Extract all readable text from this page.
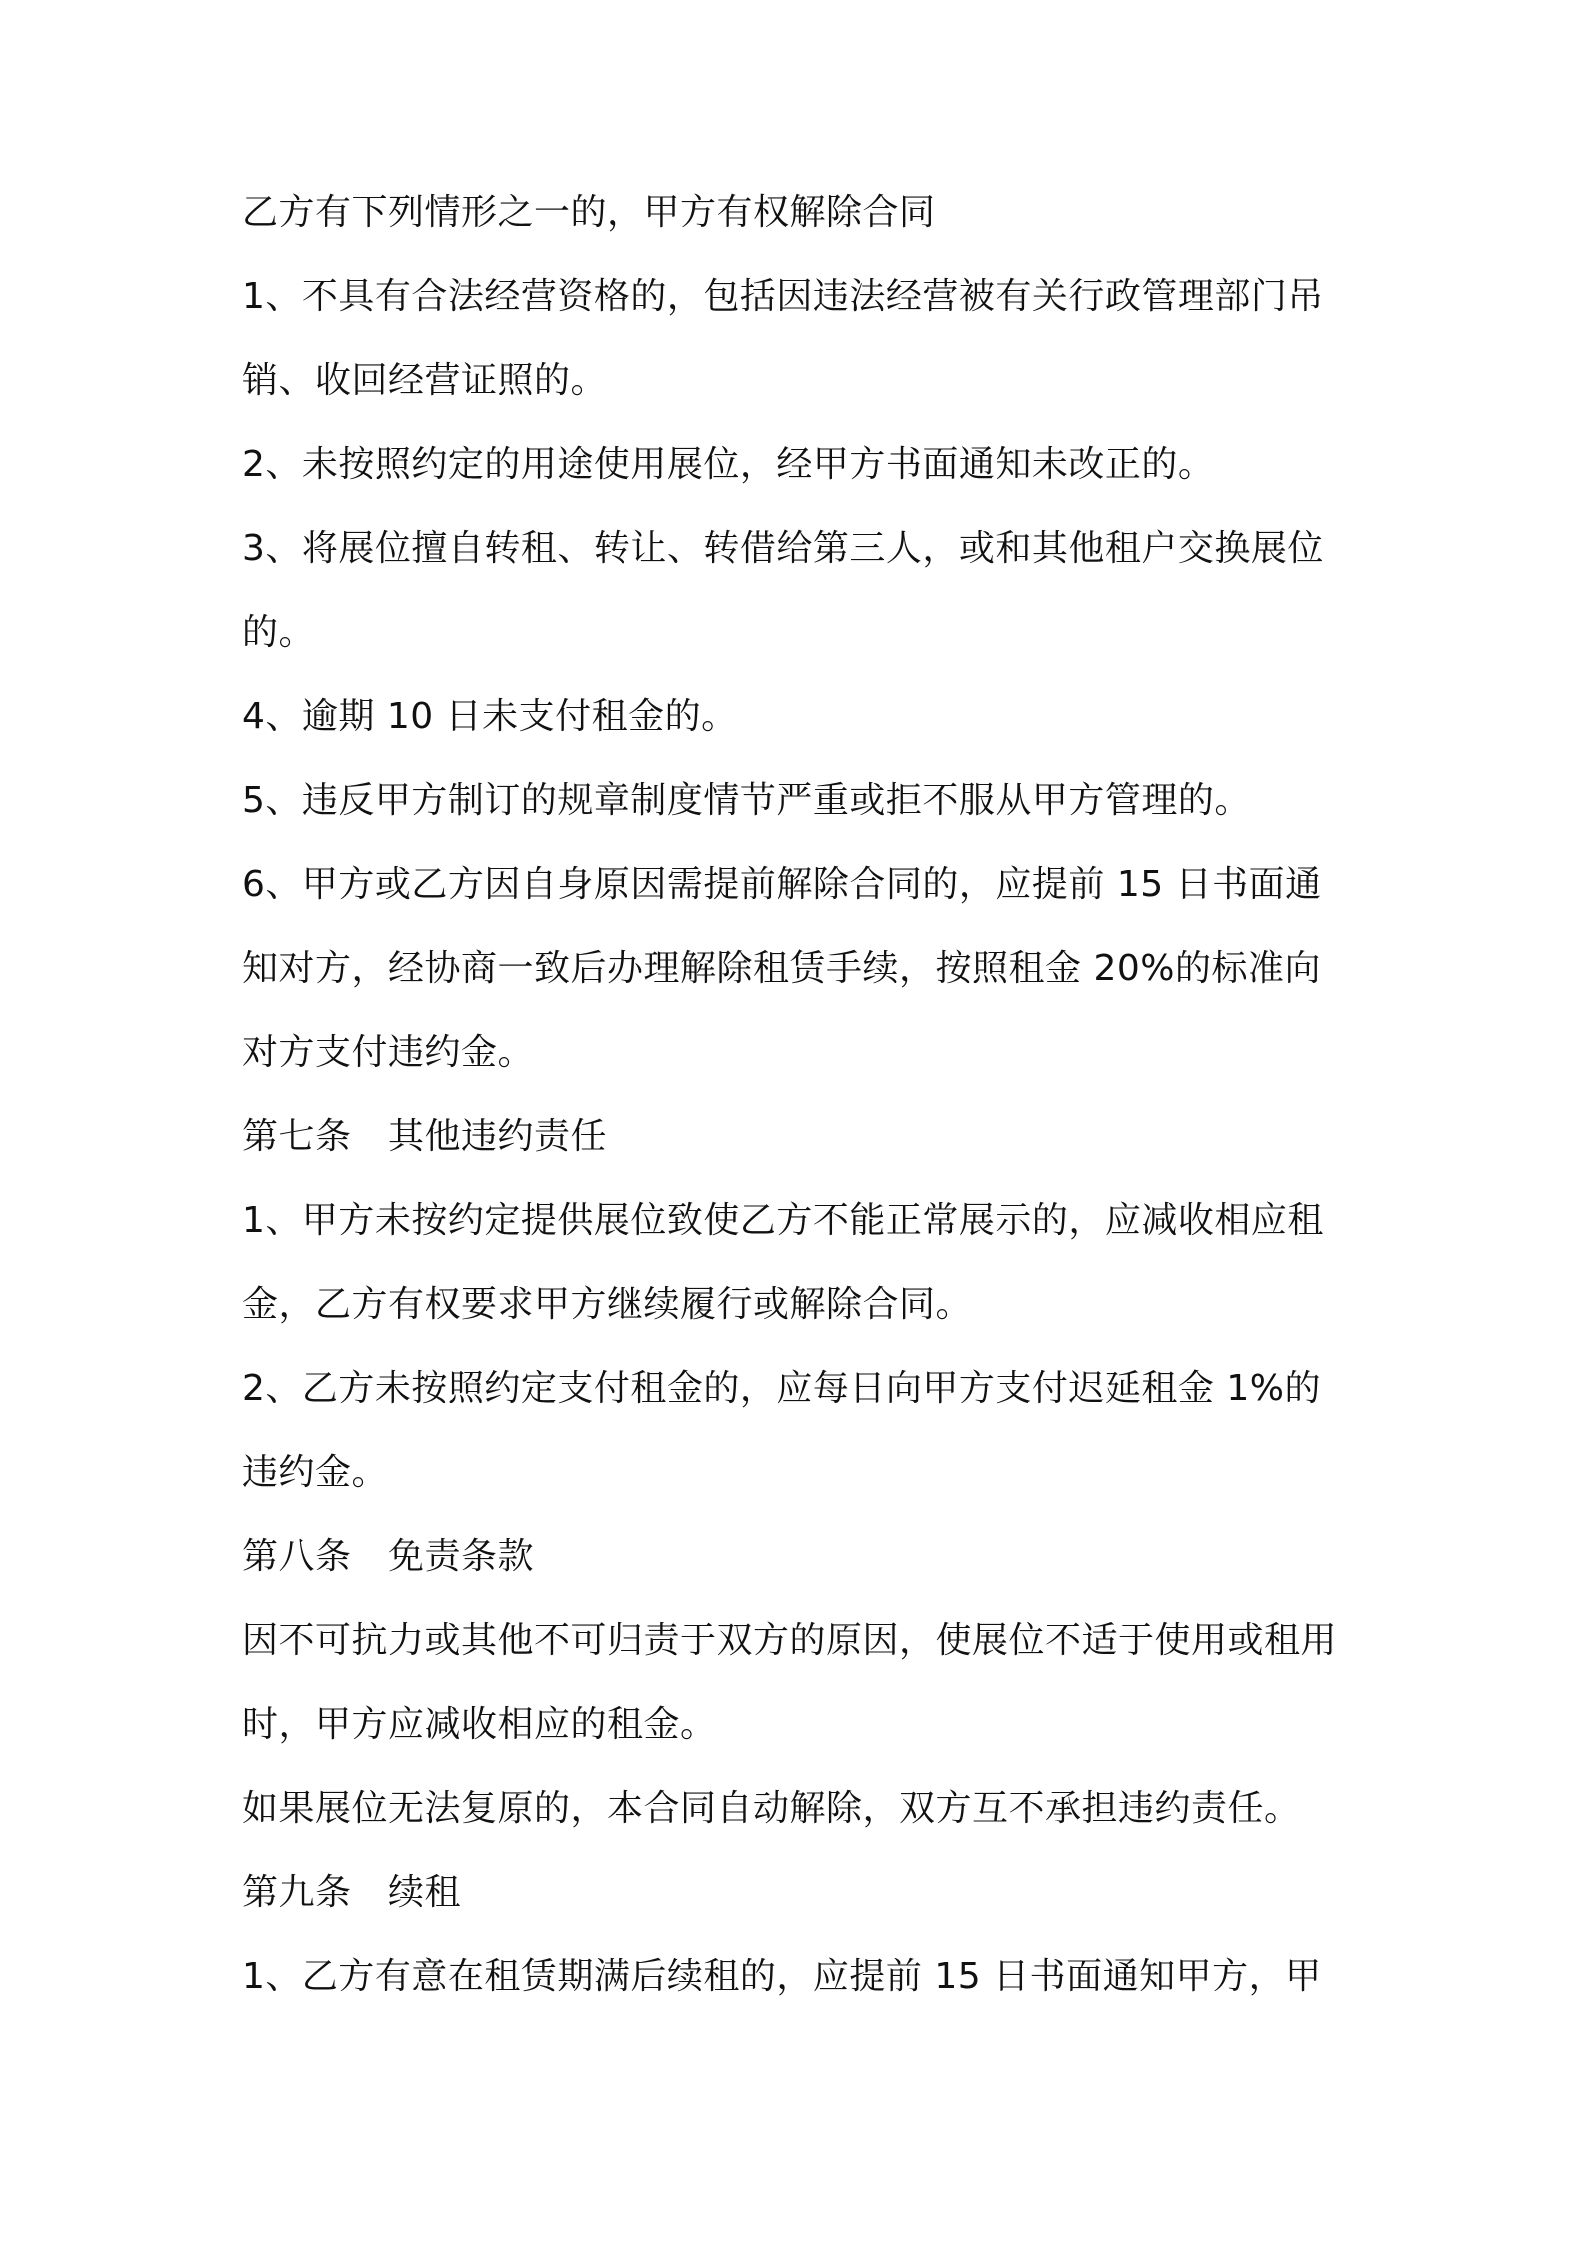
乙方有下列情形之一的，甲方有权解除合同
1、不具有合法经营资格的，包括因违法经营被有关行政管理部门吊
销、收回经营证照的。
2、未按照约定的用途使用展位，经甲方书面通知未改正的。
3、将展位擅自转租、转让、转借给第三人，或和其他租户交换展位
的。
4、逾期 10 日未支付租金的。
5、违反甲方制订的规章制度情节严重或拒不服从甲方管理的。
6、甲方或乙方因自身原因需提前解除合同的，应提前 15 日书面通
知对方，经协商一致后办理解除租赁手续，按照租金 20%的标准向
对方支付违约金。
第七条　其他违约责任
1、甲方未按约定提供展位致使乙方不能正常展示的，应减收相应租
金，乙方有权要求甲方继续履行或解除合同。
2、乙方未按照约定支付租金的，应每日向甲方支付迟延租金 1%的
违约金。
第八条　免责条款
因不可抗力或其他不可归责于双方的原因，使展位不适于使用或租用
时，甲方应减收相应的租金。
如果展位无法复原的，本合同自动解除，双方互不承担违约责任。
第九条　续租
1、乙方有意在租赁期满后续租的，应提前 15 日书面通知甲方，甲
